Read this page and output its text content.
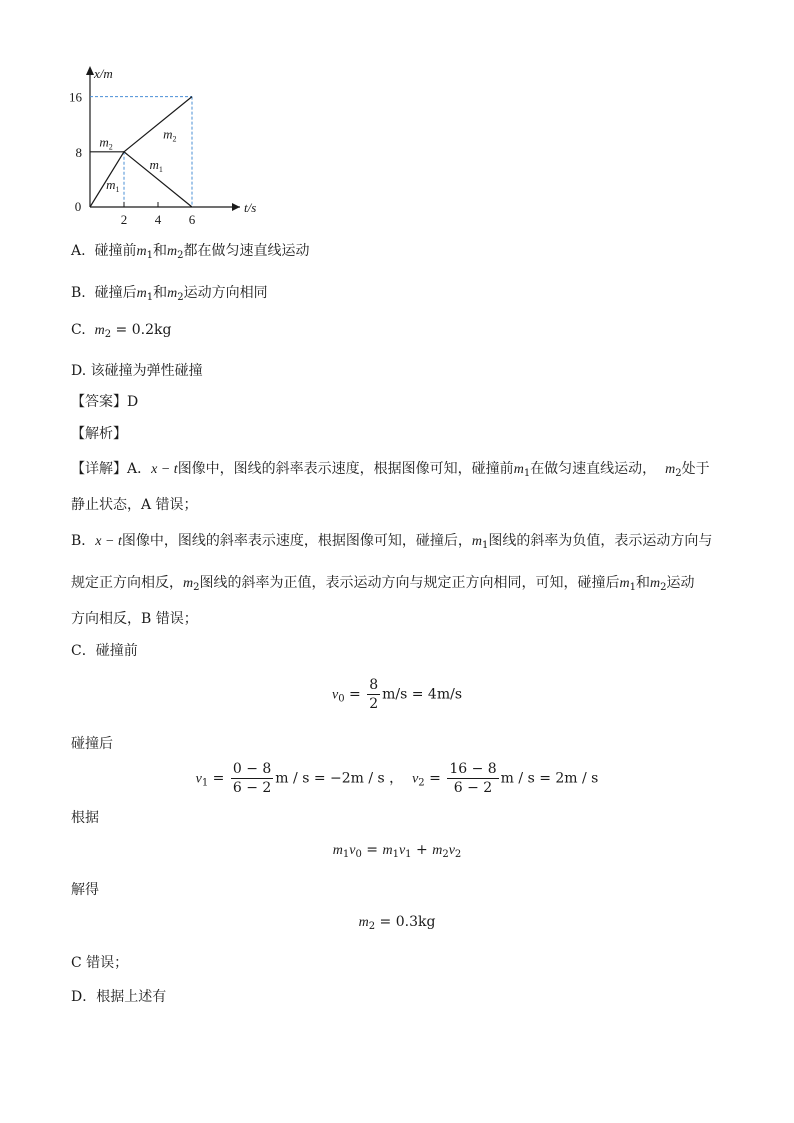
0
2 4 6
8
16
x/m
t/s
$m_1$
$m_1$
$m_2$
$m_2$
A. 碰撞前$m_1$和$m_2$都在做匀速直线运动
B. 碰撞后$m_1$和$m_2$运动方向相同
C. $m_2 = 0.2kg$
D. 该碰撞为弹性碰撞
【答案】D
【解析】
【详解】A．x − t图像中，图线的斜率表示速度，根据图像可知，碰撞前$m_1$在做匀速直线运动， $m_2$处于
静止状态，A 错误；
B．x − t图像中，图线的斜率表示速度，根据图像可知，碰撞后，$m_1$图线的斜率为负值，表示运动方向与
规定正方向相反，$m_2$图线的斜率为正值，表示运动方向与规定正方向相同，可知，碰撞后$m_1$和$m_2$运动
方向相反，B 错误；
C．碰撞前
$v_0 = \frac{8}{2} m/s = 4m/s$
碰撞后
$v_1 = \frac{0 - 8}{6 - 2}$ m / s = −2m / s ， $v_2 = \frac{16 - 8}{6 - 2}$ m / s = 2m / s
根据
$m_1v_0 = m_1v_1 + m_2v_2$
解得
$m_2 = 0.3kg$
C 错误；
D．根据上述有
